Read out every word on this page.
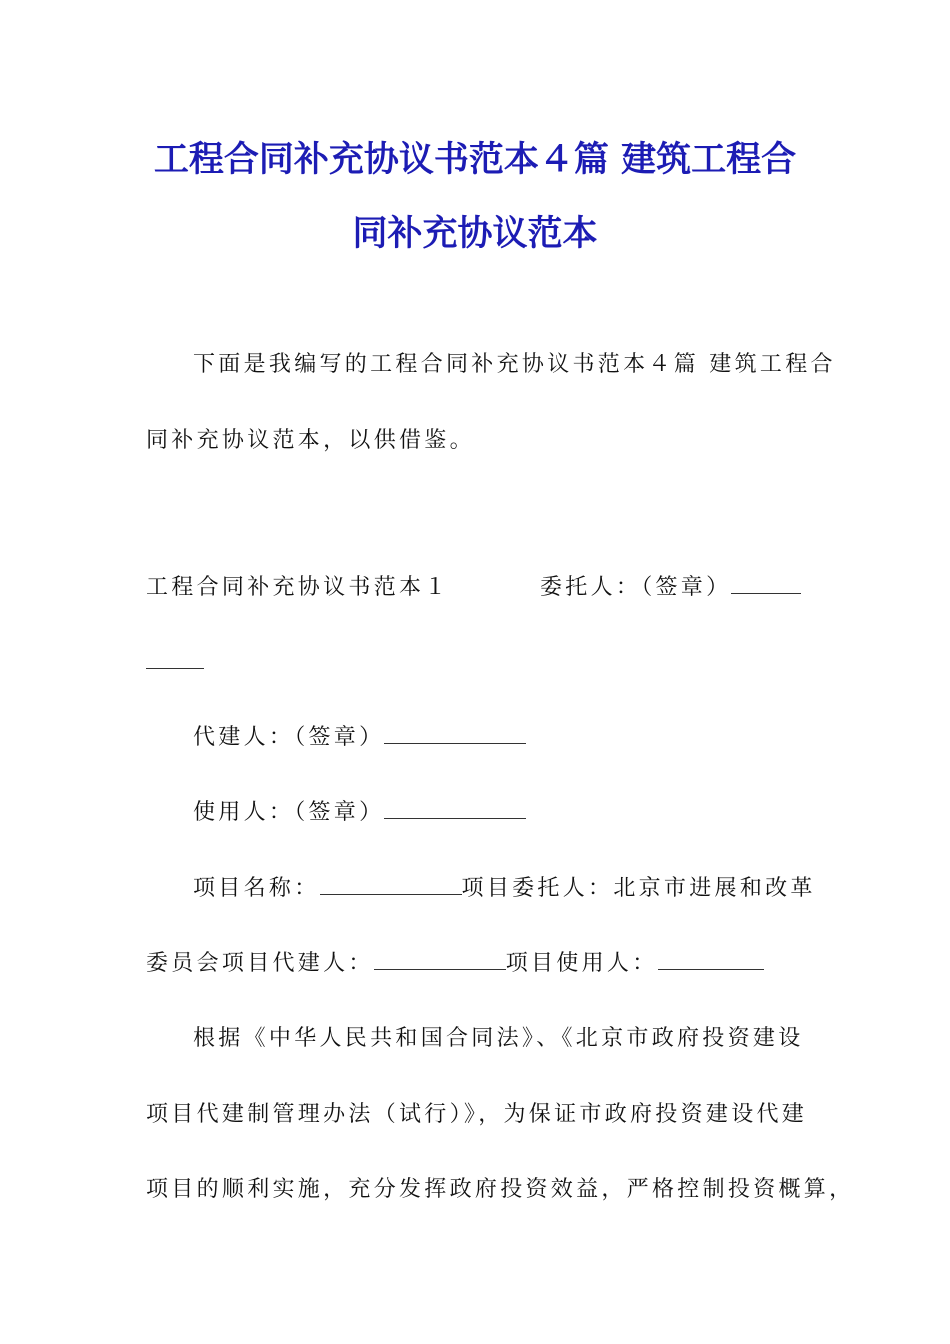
工程合同补充协议书范本４篇 建筑工程合
同补充协议范本

下面是我编写的工程合同补充协议书范本４篇 建筑工程合

同补充协议范本，以供借鉴。

工程合同补充协议书范本１	委托人：（签章）

代建人：（签章）

使用人：（签章）

项目名称：	项目委托人：北京市进展和改革

委员会项目代建人：	项目使用人：

根据《中华人民共和国合同法》、《北京市政府投资建设

项目代建制管理办法（试行）》，为保证市政府投资建设代建

项目的顺利实施，充分发挥政府投资效益，严格控制投资概算，
